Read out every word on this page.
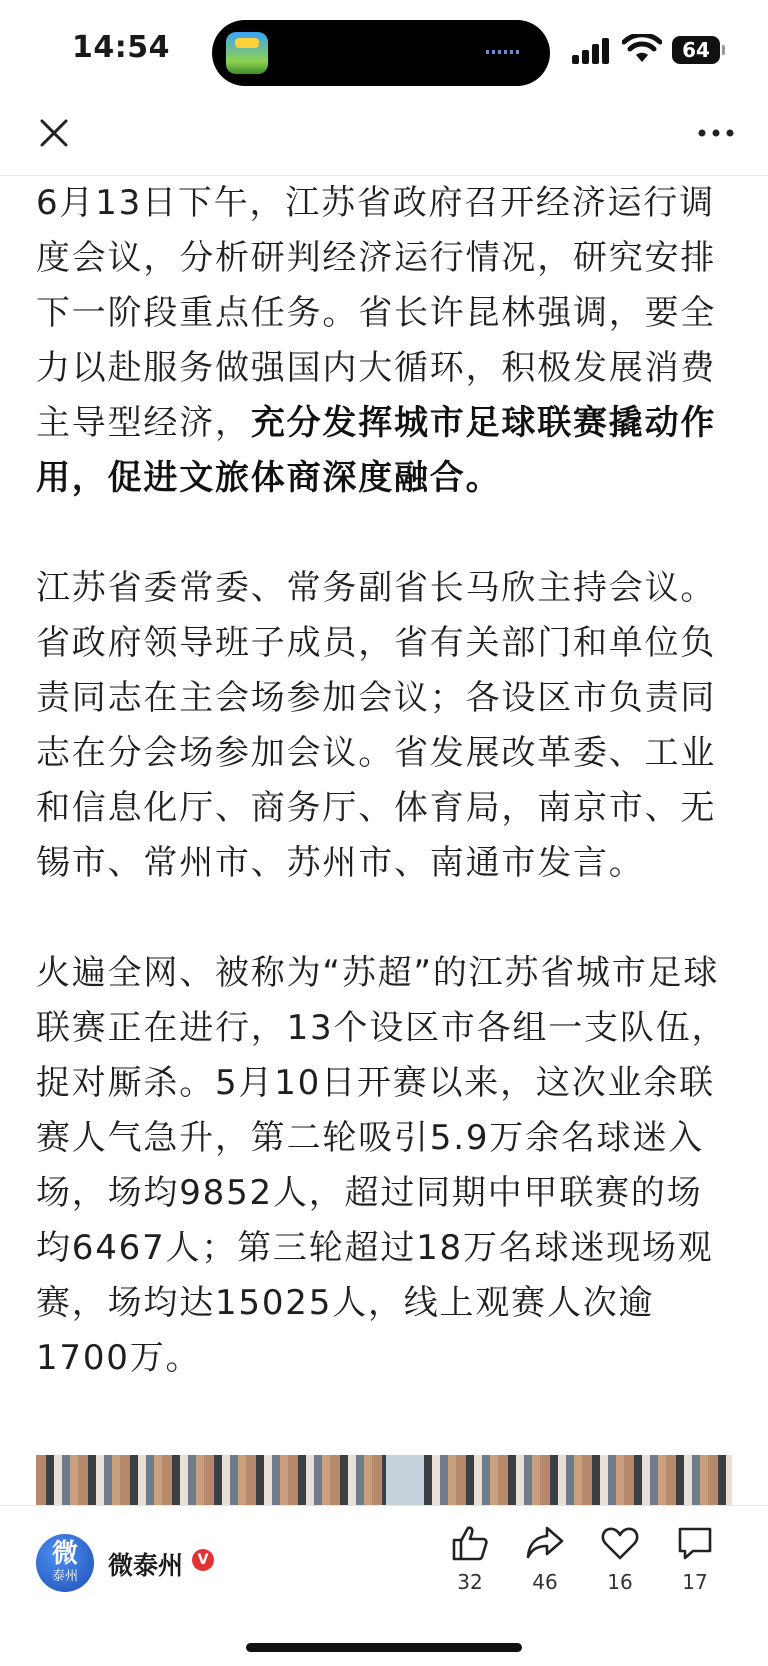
14:54	64

6月13日下午，江苏省政府召开经济运行调度会议，分析研判经济运行情况，研究安排下一阶段重点任务。省长许昆林强调，要全力以赴服务做强国内大循环，积极发展消费主导型经济，充分发挥城市足球联赛撬动作用，促进文旅体商深度融合。

江苏省委常委、常务副省长马欣主持会议。省政府领导班子成员，省有关部门和单位负责同志在主会场参加会议；各设区市负责同志在分会场参加会议。省发展改革委、工业和信息化厅、商务厅、体育局，南京市、无锡市、常州市、苏州市、南通市发言。

火遍全网、被称为“苏超”的江苏省城市足球联赛正在进行，13个设区市各组一支队伍，捉对厮杀。5月10日开赛以来，这次业余联赛人气急升，第二轮吸引5.9万余名球迷入场，场均9852人，超过同期中甲联赛的场均6467人；第三轮超过18万名球迷现场观赛，场均达15025人，线上观赛人次逾1700万。

微
泰州	微泰州	V
32	46	16	17
